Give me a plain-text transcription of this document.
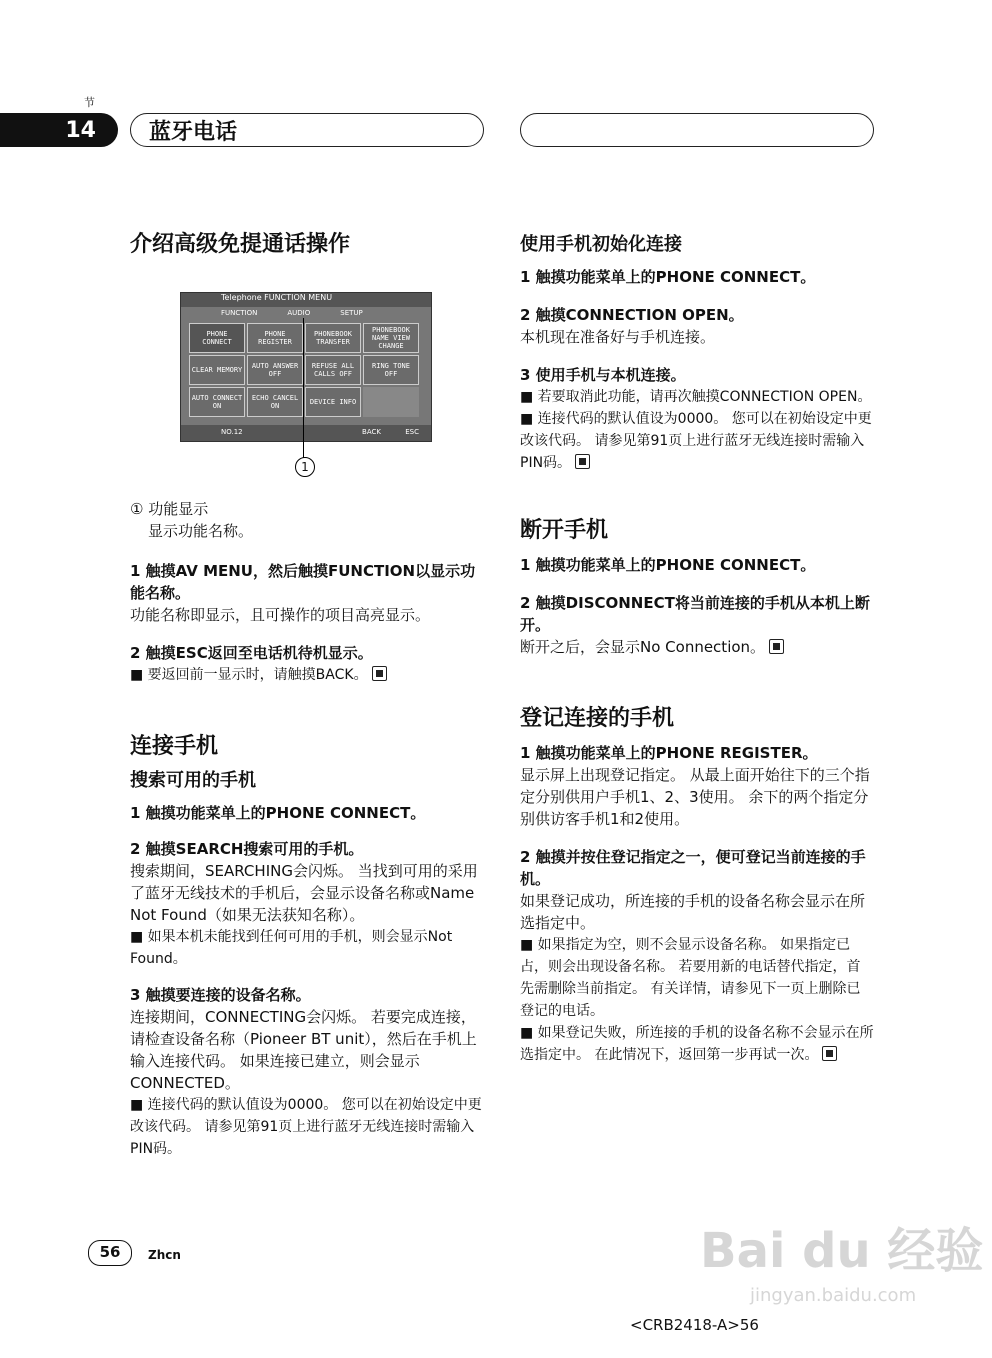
节
14	蓝牙电话
介绍高级免提通话操作
Telephone FUNCTION MENU
FUNCTION	AUDIO	SETUP
PHONE CONNECT
PHONE REGISTER
PHONEBOOK TRANSFER
PHONEBOOK NAME VIEW CHANGE
CLEAR MEMORY	AUTO ANSWER OFF
REFUSE ALL CALLS OFF
RING TONE OFF
AUTO CONNECT ON
ECHO CANCEL ON	DEVICE INFO
NO.12	BACK	ESC
1

① 功能显示

显示功能名称。

1 触摸AV MENU，然后触摸FUNCTION以显示功能名称。

功能名称即显示，且可操作的项目高亮显示。

2 触摸ESC返回至电话机待机显示。

■ 要返回前一显示时，请触摸BACK。

连接手机
搜索可用的手机

1 触摸功能菜单上的PHONE CONNECT。

2 触摸SEARCH搜索可用的手机。

搜索期间，SEARCHING会闪烁。 当找到可用的采用了蓝牙无线技术的手机后，会显示设备名称或Name Not Found（如果无法获知名称）。

■ 如果本机未能找到任何可用的手机，则会显示Not Found。

3 触摸要连接的设备名称。

连接期间，CONNECTING会闪烁。 若要完成连接，请检查设备名称（Pioneer BT unit），然后在手机上输入连接代码。 如果连接已建立，则会显示CONNECTED。

■ 连接代码的默认值设为0000。 您可以在初始设定中更改该代码。 请参见第91页上进行蓝牙无线连接时需输入PIN码。

使用手机初始化连接

1 触摸功能菜单上的PHONE CONNECT。

2 触摸CONNECTION OPEN。

本机现在准备好与手机连接。

3 使用手机与本机连接。

■ 若要取消此功能，请再次触摸CONNECTION OPEN。

■ 连接代码的默认值设为0000。 您可以在初始设定中更改该代码。 请参见第91页上进行蓝牙无线连接时需输入PIN码。

断开手机

1 触摸功能菜单上的PHONE CONNECT。

2 触摸DISCONNECT将当前连接的手机从本机上断开。

断开之后，会显示No Connection。

登记连接的手机

1 触摸功能菜单上的PHONE REGISTER。

显示屏上出现登记指定。 从最上面开始往下的三个指定分别供用户手机1、2、3使用。 余下的两个指定分别供访客手机1和2使用。

2 触摸并按住登记指定之一，便可登记当前连接的手机。

如果登记成功，所连接的手机的设备名称会显示在所选指定中。

■ 如果指定为空，则不会显示设备名称。 如果指定已占，则会出现设备名称。 若要用新的电话替代指定，首先需删除当前指定。 有关详情，请参见下一页上删除已登记的电话。

■ 如果登记失败，所连接的手机的设备名称不会显示在所选指定中。 在此情况下，返回第一步再试一次。

56	Zhcn
<CRB2418-A>56
Bai du 经验
jingyan.baidu.com
